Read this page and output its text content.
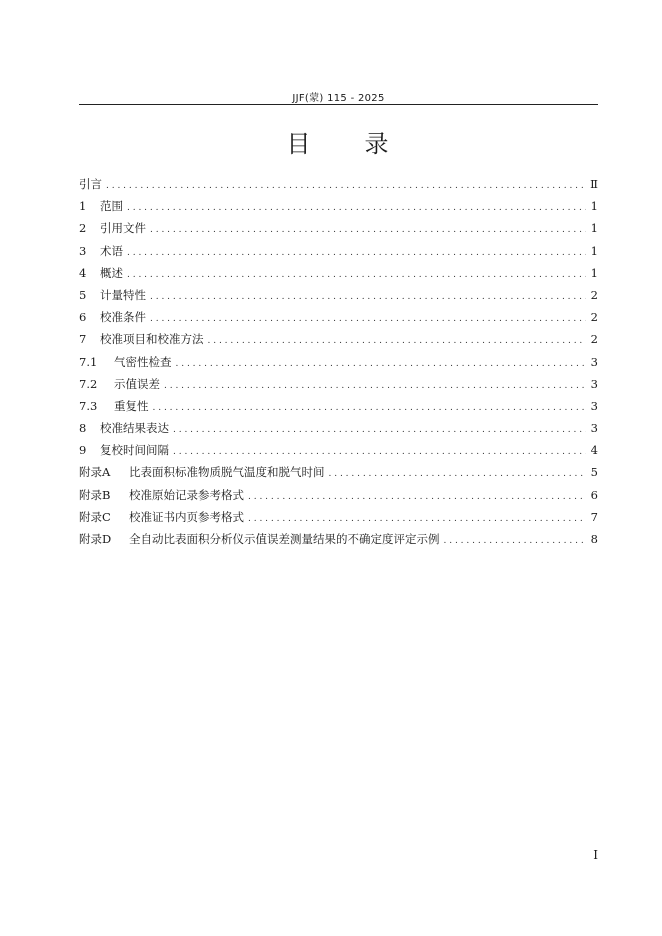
JJF(蒙) 115 - 2025
目　　录
引言 . . .	Ⅱ
1	范围 . . .	1
2	引用文件 . . .	1
3	术语 . . .	1
4	概述 . . .	1
5	计量特性 . . .	2
6	校准条件 . . .	2
7	校准项目和校准方法 . . .	2
7.1	气密性检查 . . .	3
7.2	示值误差 . . .	3
7.3	重复性 . . .	3
8	校准结果表达 . . .	3
9	复校时间间隔 . . .	4
附录A	比表面积标准物质脱气温度和脱气时间 . . .	5
附录B	校准原始记录参考格式 . . .	6
附录C	校准证书内页参考格式 . . .	7
附录D	全自动比表面积分析仪示值误差测量结果的不确定度评定示例 . . .	8
I
